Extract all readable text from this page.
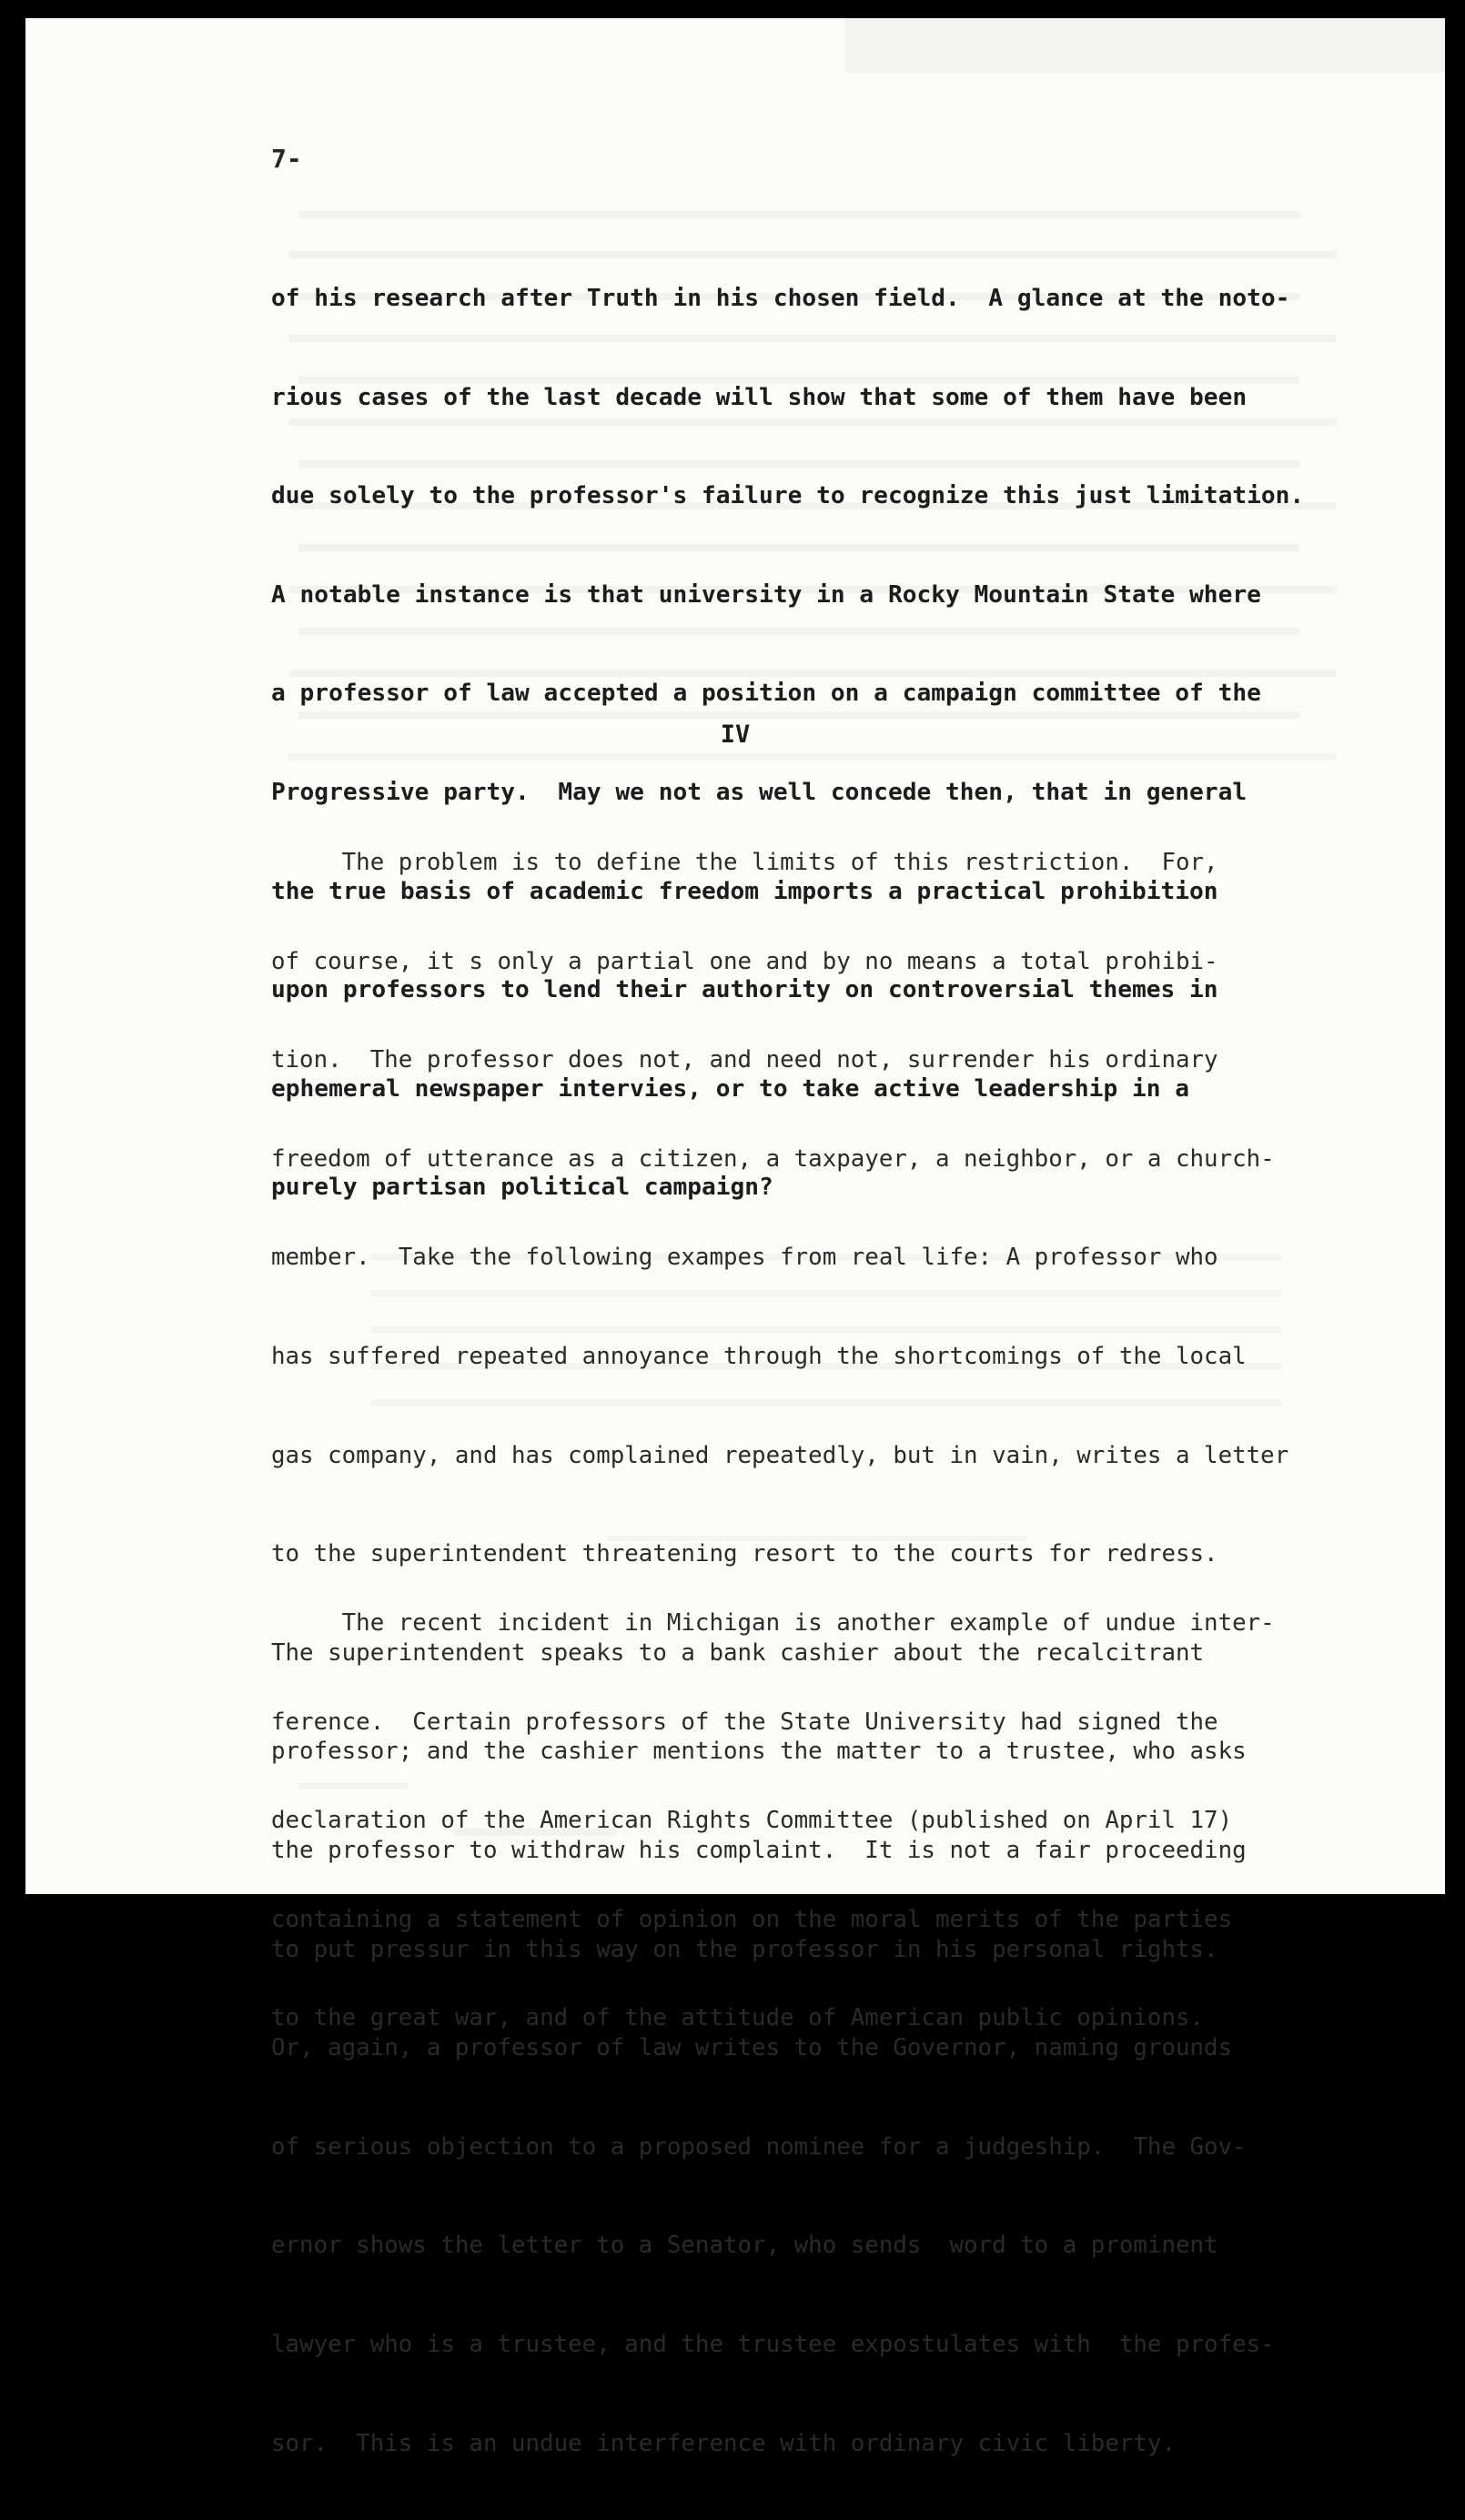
7-

of his research after Truth in his chosen field.  A glance at the noto-

rious cases of the last decade will show that some of them have been

due solely to the professor's failure to recognize this just limitation.

A notable instance is that university in a Rocky Mountain State where

a professor of law accepted a position on a campaign committee of the

Progressive party.  May we not as well concede then, that in general

the true basis of academic freedom imports a practical prohibition

upon professors to lend their authority on controversial themes in

ephemeral newspaper intervies, or to take active leadership in a

purely partisan political campaign?

IV

The problem is to define the limits of this restriction.  For,

of course, it s only a partial one and by no means a total prohibi-

tion.  The professor does not, and need not, surrender his ordinary

freedom of utterance as a citizen, a taxpayer, a neighbor, or a church-

member.  Take the following exampes from real life: A professor who

has suffered repeated annoyance through the shortcomings of the local

gas company, and has complained repeatedly, but in vain, writes a letter

to the superintendent threatening resort to the courts for redress.

The superintendent speaks to a bank cashier about the recalcitrant

professor; and the cashier mentions the matter to a trustee, who asks

the professor to withdraw his complaint.  It is not a fair proceeding

to put pressur in this way on the professor in his personal rights.

Or, again, a professor of law writes to the Governor, naming grounds

of serious objection to a proposed nominee for a judgeship.  The Gov-

ernor shows the letter to a Senator, who sends  word to a prominent

lawyer who is a trustee, and the trustee expostulates with  the profes-

sor.  This is an undue interference with ordinary civic liberty.

The recent incident in Michigan is another example of undue inter-

ference.  Certain professors of the State University had signed the

declaration of the American Rights Committee (published on April 17)

containing a statement of opinion on the moral merits of the parties

to the great war, and of the attitude of American public opinions.
